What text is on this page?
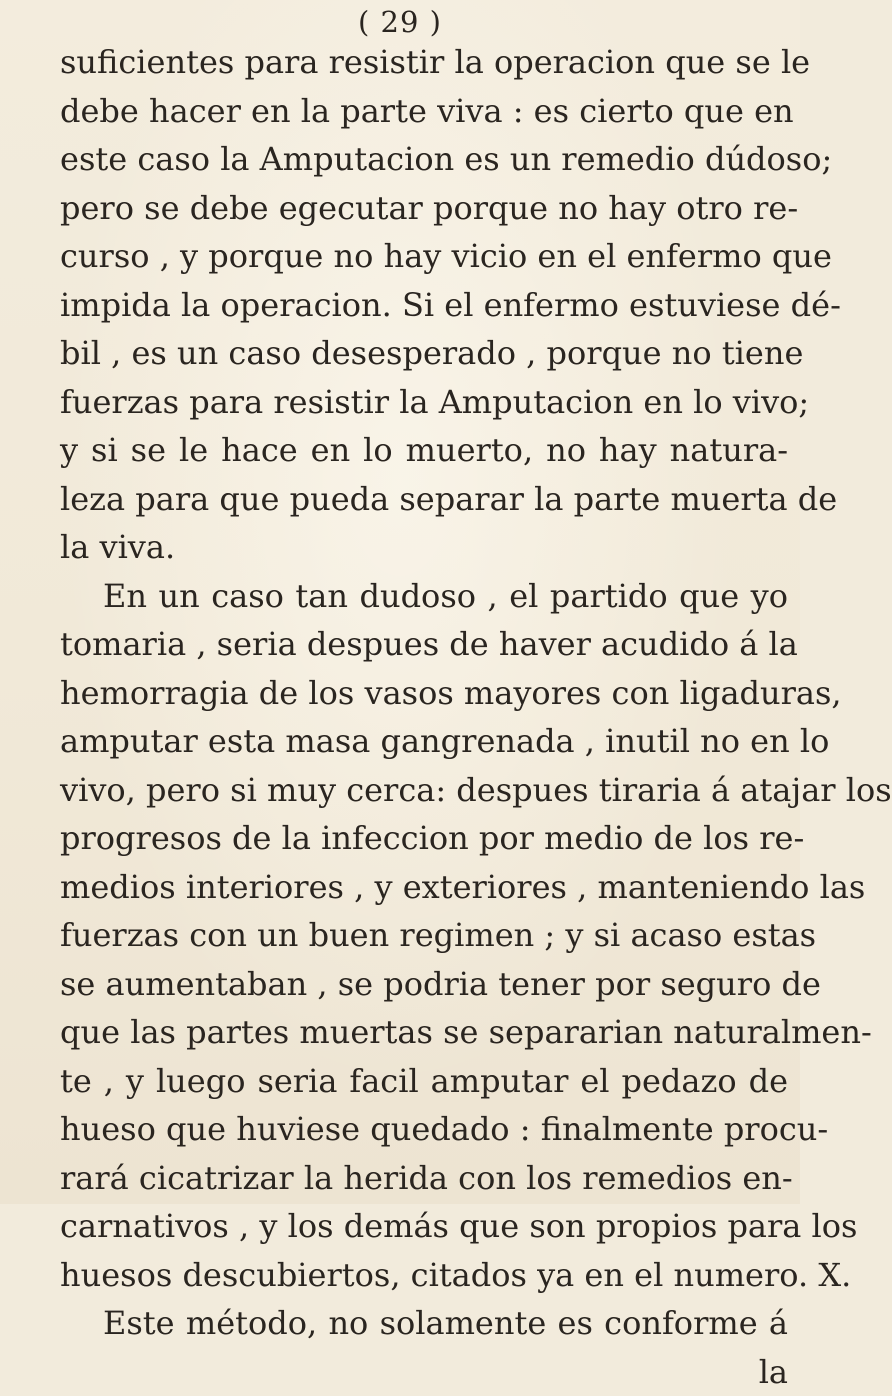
( 29 )
suficientes para resistir la operacion que se le
debe hacer en la parte viva : es cierto que en
este caso la Amputacion es un remedio dúdoso;
pero se debe egecutar porque no hay otro re-
curso , y porque no hay vicio en el enfermo que
impida la operacion. Si el enfermo estuviese dé-
bil , es un caso desesperado , porque no tiene
fuerzas para resistir la Amputacion en lo vivo;
y si se le hace en lo muerto, no hay natura-
leza para que pueda separar la parte muerta de
la viva.
En un caso tan dudoso , el partido que yo
tomaria , seria despues de haver acudido á la
hemorragia de los vasos mayores con ligaduras,
amputar esta masa gangrenada , inutil no en lo
vivo, pero si muy cerca: despues tiraria á atajar los
progresos de la infeccion por medio de los re-
medios interiores , y exteriores , manteniendo las
fuerzas con un buen regimen ; y si acaso estas
se aumentaban , se podria tener por seguro de
que las partes muertas se separarian naturalmen-
te , y luego seria facil amputar el pedazo de
hueso que huviese quedado : finalmente procu-
rará cicatrizar la herida con los remedios en-
carnativos , y los demás que son propios para los
huesos descubiertos, citados ya en el numero. X.
Este método, no solamente es conforme á
la
